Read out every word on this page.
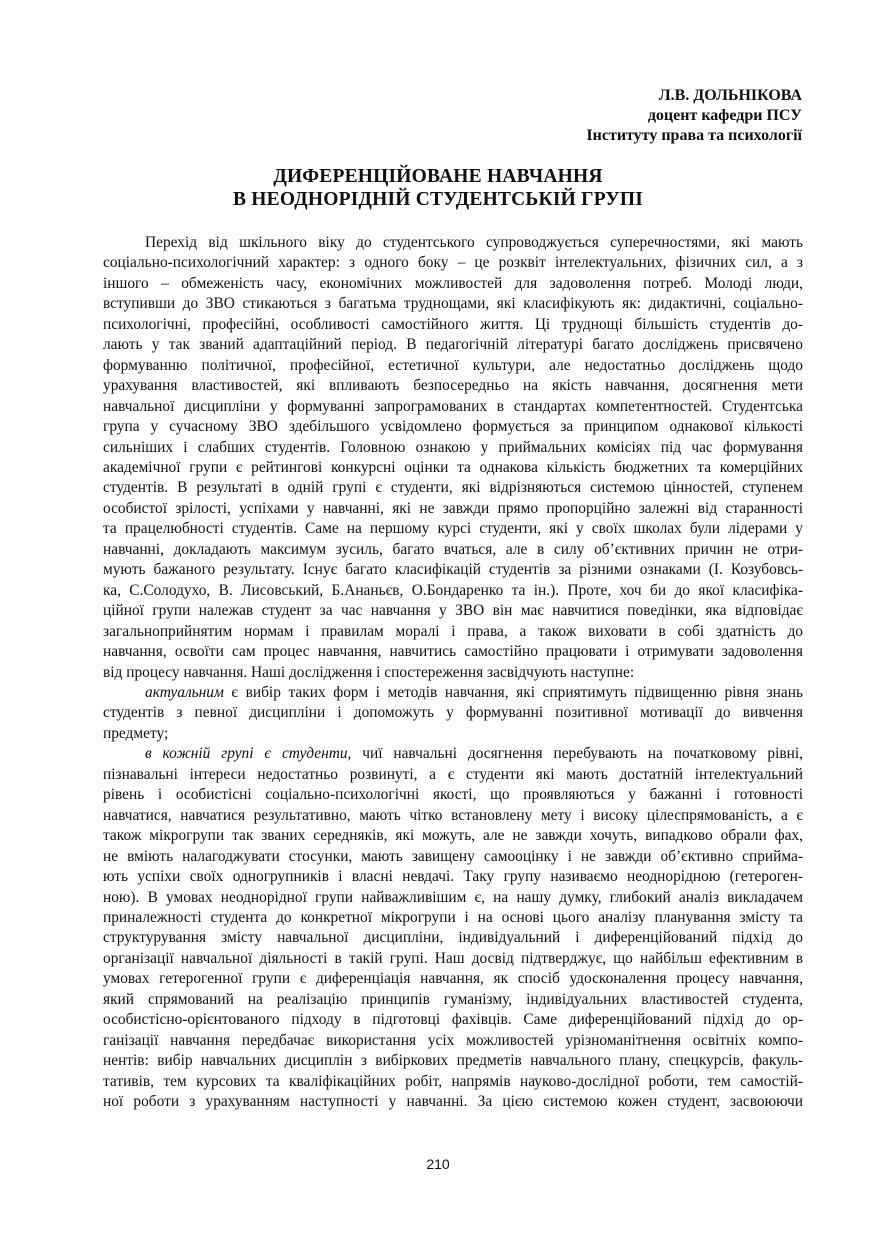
Л.В. ДОЛЬНІКОВА
доцент кафедри ПСУ
Інституту права та психології
ДИФЕРЕНЦІЙОВАНЕ НАВЧАННЯ
В НЕОДНОРІДНІЙ СТУДЕНТСЬКІЙ ГРУПІ
Перехід від шкільного віку до студентського супроводжується суперечностями, які мають
соціально-психологічний характер: з одного боку – це розквіт інтелектуальних, фізичних сил, а з
іншого – обмеженість часу, економічних можливостей для задоволення потреб. Молоді люди,
вступивши до ЗВО стикаються з багатьма труднощами, які класифікують як: дидактичні, соціально-
психологічні, професійні, особливості самостійного життя. Ці труднощі більшість студентів до-
лають у так званий адаптаційний період. В педагогічній літературі багато досліджень присвячено
формуванню політичної, професійної, естетичної культури, але недостатньо досліджень щодо
урахування властивостей, які впливають безпосередньо на якість навчання, досягнення мети
навчальної дисципліни у формуванні запрограмованих в стандартах компетентностей. Студентська
група у сучасному ЗВО здебільшого усвідомлено формується за принципом однакової кількості
сильніших і слабших студентів. Головною ознакою у приймальних комісіях під час формування
академічної групи є рейтингові конкурсні оцінки та однакова кількість бюджетних та комерційних
студентів. В результаті в одній групі є студенти, які відрізняються системою цінностей, ступенем
особистої зрілості, успіхами у навчанні, які не завжди прямо пропорційно залежні від старанності
та працелюбності студентів. Саме на першому курсі студенти, які у своїх школах були лідерами у
навчанні, докладають максимум зусиль, багато вчаться, але в силу об’єктивних причин не отри-
мують бажаного результату. Існує багато класифікацій студентів за різними ознаками (І. Козубовсь-
ка, С.Солодухо, В. Лисовський, Б.Ананьєв, О.Бондаренко та ін.). Проте, хоч би до якої класифіка-
ційної групи належав студент за час навчання у ЗВО він має навчитися поведінки, яка відповідає
загальноприйнятим нормам і правилам моралі і права, а також виховати в собі здатність до
навчання, освоїти сам процес навчання, навчитись самостійно працювати і отримувати задоволення
від процесу навчання. Наші дослідження і спостереження засвідчують наступне:
актуальним є вибір таких форм і методів навчання, які сприятимуть підвищенню рівня знань
студентів з певної дисципліни і допоможуть у формуванні позитивної мотивації до вивчення
предмету;
в кожній групі є студенти, чиї навчальні досягнення перебувають на початковому рівні,
пізнавальні інтереси недостатньо розвинуті, а є студенти які мають достатній інтелектуальний
рівень і особистісні соціально-психологічні якості, що проявляються у бажанні і готовності
навчатися, навчатися результативно, мають чітко встановлену мету і високу цілеспрямованість, а є
також мікрогрупи так званих середняків, які можуть, але не завжди хочуть, випадково обрали фах,
не вміють налагоджувати стосунки, мають завищену самооцінку і не завжди об’єктивно сприйма-
ють успіхи своїх одногрупників і власні невдачі. Таку групу називаємо неоднорідною (гетероген-
ною). В умовах неоднорідної групи найважливішим є, на нашу думку, глибокий аналіз викладачем
приналежності студента до конкретної мікрогрупи і на основі цього аналізу планування змісту та
структурування змісту навчальної дисципліни, індивідуальний і диференційований підхід до
організації навчальної діяльності в такій групі. Наш досвід підтверджує, що найбільш ефективним в
умовах гетерогенної групи є диференціація навчання, як спосіб удосконалення процесу навчання,
який спрямований на реалізацію принципів гуманізму, індивідуальних властивостей студента,
особистісно-орієнтованого підходу в підготовці фахівців. Саме диференційований підхід до ор-
ганізації навчання передбачає використання усіх можливостей урізноманітнення освітніх компо-
нентів: вибір навчальних дисциплін з вибіркових предметів навчального плану, спецкурсів, факуль-
тативів, тем курсових та кваліфікаційних робіт, напрямів науково-дослідної роботи, тем самостій-
ної роботи з урахуванням наступності у навчанні. За цією системою кожен студент, засвоюючи
210
